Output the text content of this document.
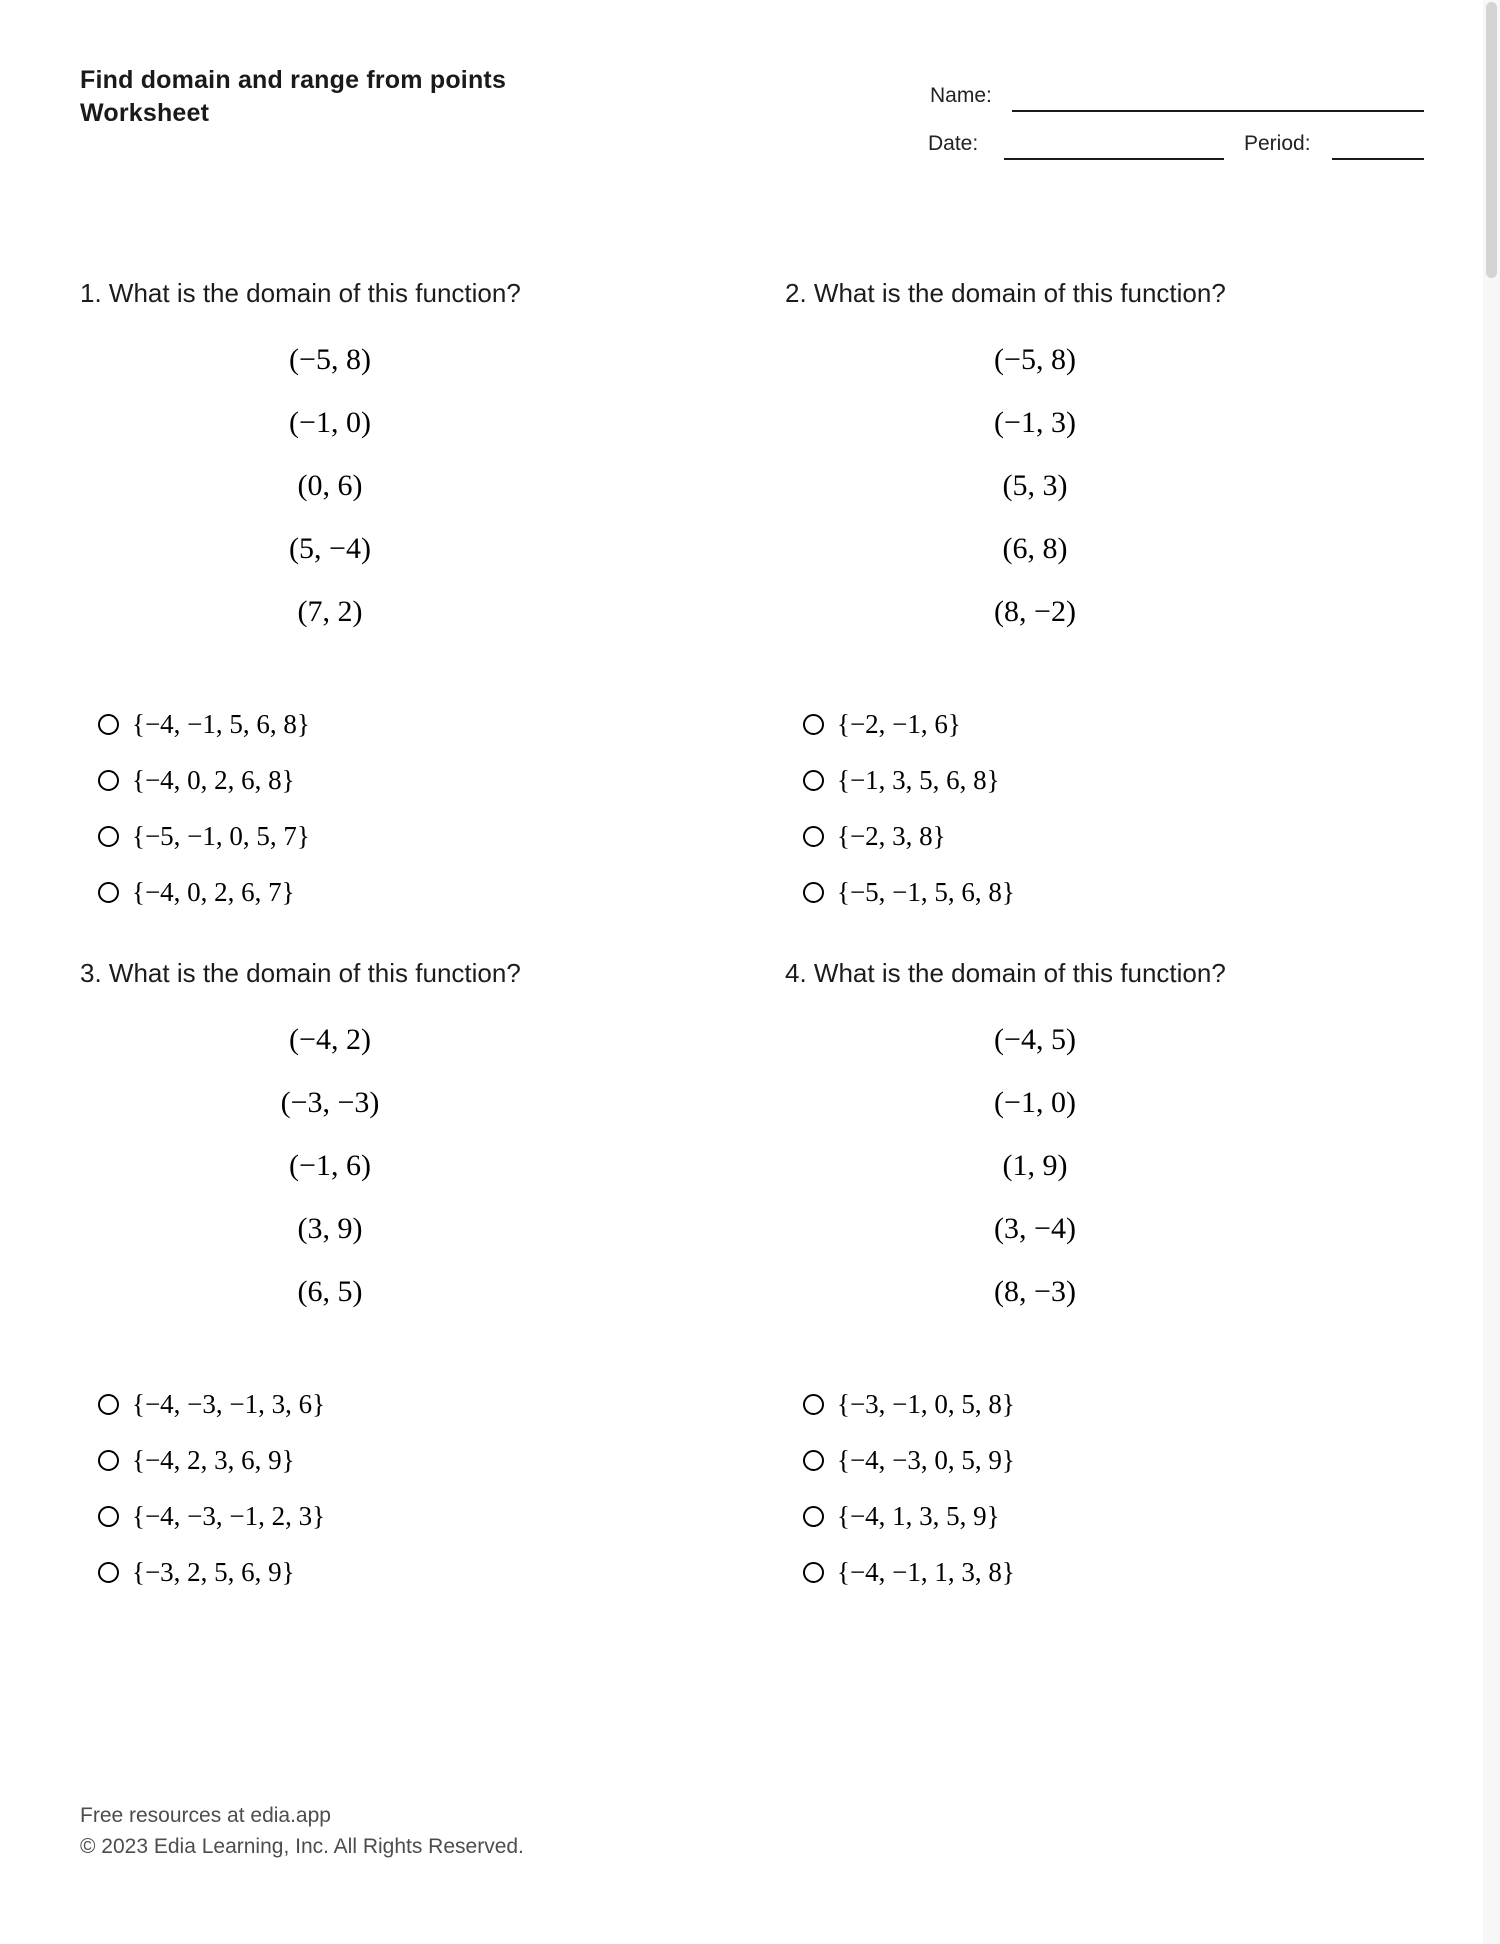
Find domain and range from points
Worksheet
Name:
Date:	Period:
1. What is the domain of this function?
(−5, 8)
(−1, 0)
(0, 6)
(5, −4)
(7, 2)
{−4, −1, 5, 6, 8}
{−4, 0, 2, 6, 8}
{−5, −1, 0, 5, 7}
{−4, 0, 2, 6, 7}
2. What is the domain of this function?
(−5, 8)
(−1, 3)
(5, 3)
(6, 8)
(8, −2)
{−2, −1, 6}
{−1, 3, 5, 6, 8}
{−2, 3, 8}
{−5, −1, 5, 6, 8}
3. What is the domain of this function?
(−4, 2)
(−3, −3)
(−1, 6)
(3, 9)
(6, 5)
{−4, −3, −1, 3, 6}
{−4, 2, 3, 6, 9}
{−4, −3, −1, 2, 3}
{−3, 2, 5, 6, 9}
4. What is the domain of this function?
(−4, 5)
(−1, 0)
(1, 9)
(3, −4)
(8, −3)
{−3, −1, 0, 5, 8}
{−4, −3, 0, 5, 9}
{−4, 1, 3, 5, 9}
{−4, −1, 1, 3, 8}
Free resources at edia.app
© 2023 Edia Learning, Inc. All Rights Reserved.
